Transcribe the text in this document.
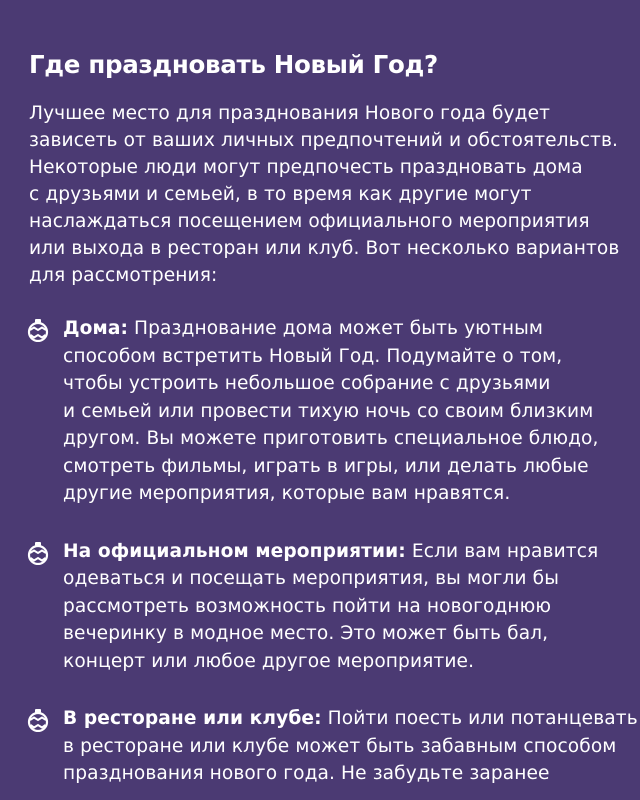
Где праздновать Новый Год?

Лучшее место для празднования Нового года будет
зависеть от ваших личных предпочтений и обстоятельств.
Некоторые люди могут предпочесть праздновать дома
с друзьями и семьей, в то время как другие могут
наслаждаться посещением официального мероприятия
или выхода в ресторан или клуб. Вот несколько вариантов
для рассмотрения:

Дома: Празднование дома может быть уютным
способом встретить Новый Год. Подумайте о том,
чтобы устроить небольшое собрание с друзьями
и семьей или провести тихую ночь со своим близким
другом. Вы можете приготовить специальное блюдо,
смотреть фильмы, играть в игры, или делать любые
другие мероприятия, которые вам нравятся.
На официальном мероприятии: Если вам нравится
одеваться и посещать мероприятия, вы могли бы
рассмотреть возможность пойти на новогоднюю
вечеринку в модное место. Это может быть бал,
концерт или любое другое мероприятие.
В ресторане или клубе: Пойти поесть или потанцевать
в ресторане или клубе может быть забавным способом
празднования нового года. Не забудьте заранее
